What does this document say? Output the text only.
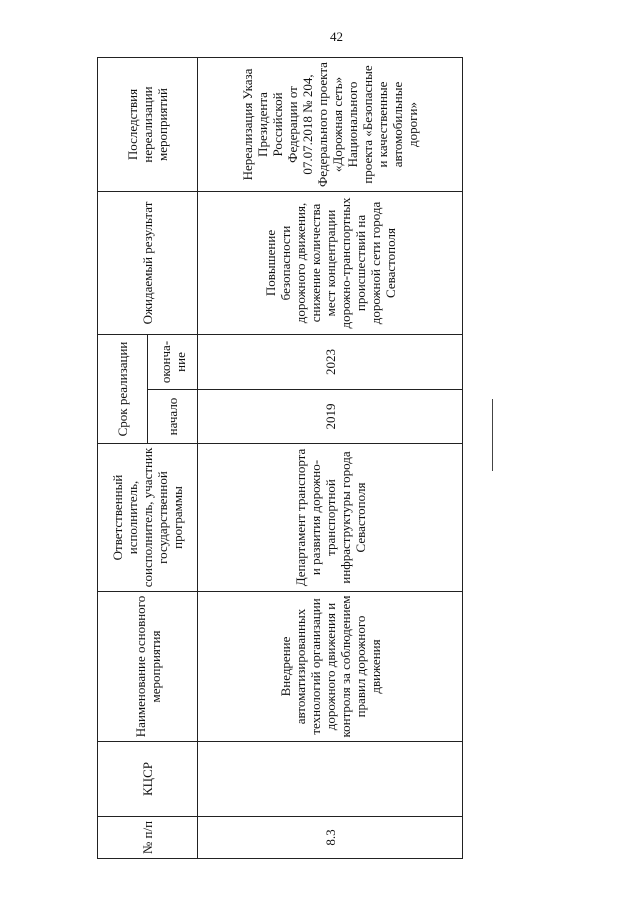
42
№ п/п	КЦСР	Наименование основного мероприятия	Ответственный исполнитель, соисполнитель, участник государственной программы	Срок реализации		Ожидаемый результат	Последствия нереализации мероприятий
				начало	оконча-ние		
8.3		Внедрение автоматизированных технологий организации дорожного движения и контроля за соблюдением правил дорожного движения	Департамент транспорта и развития дорожно-транспортной инфраструктуры города Севастополя	2019	2023	Повышение безопасности дорожного движения, снижение количества мест концентрации дорожно-транспортных происшествий на дорожной сети города Севастополя	Нереализация Указа Президента Российской Федерации от 07.07.2018 № 204, Федерального проекта «Дорожная сеть» Национального проекта «Безопасные и качественные автомобильные дороги»
